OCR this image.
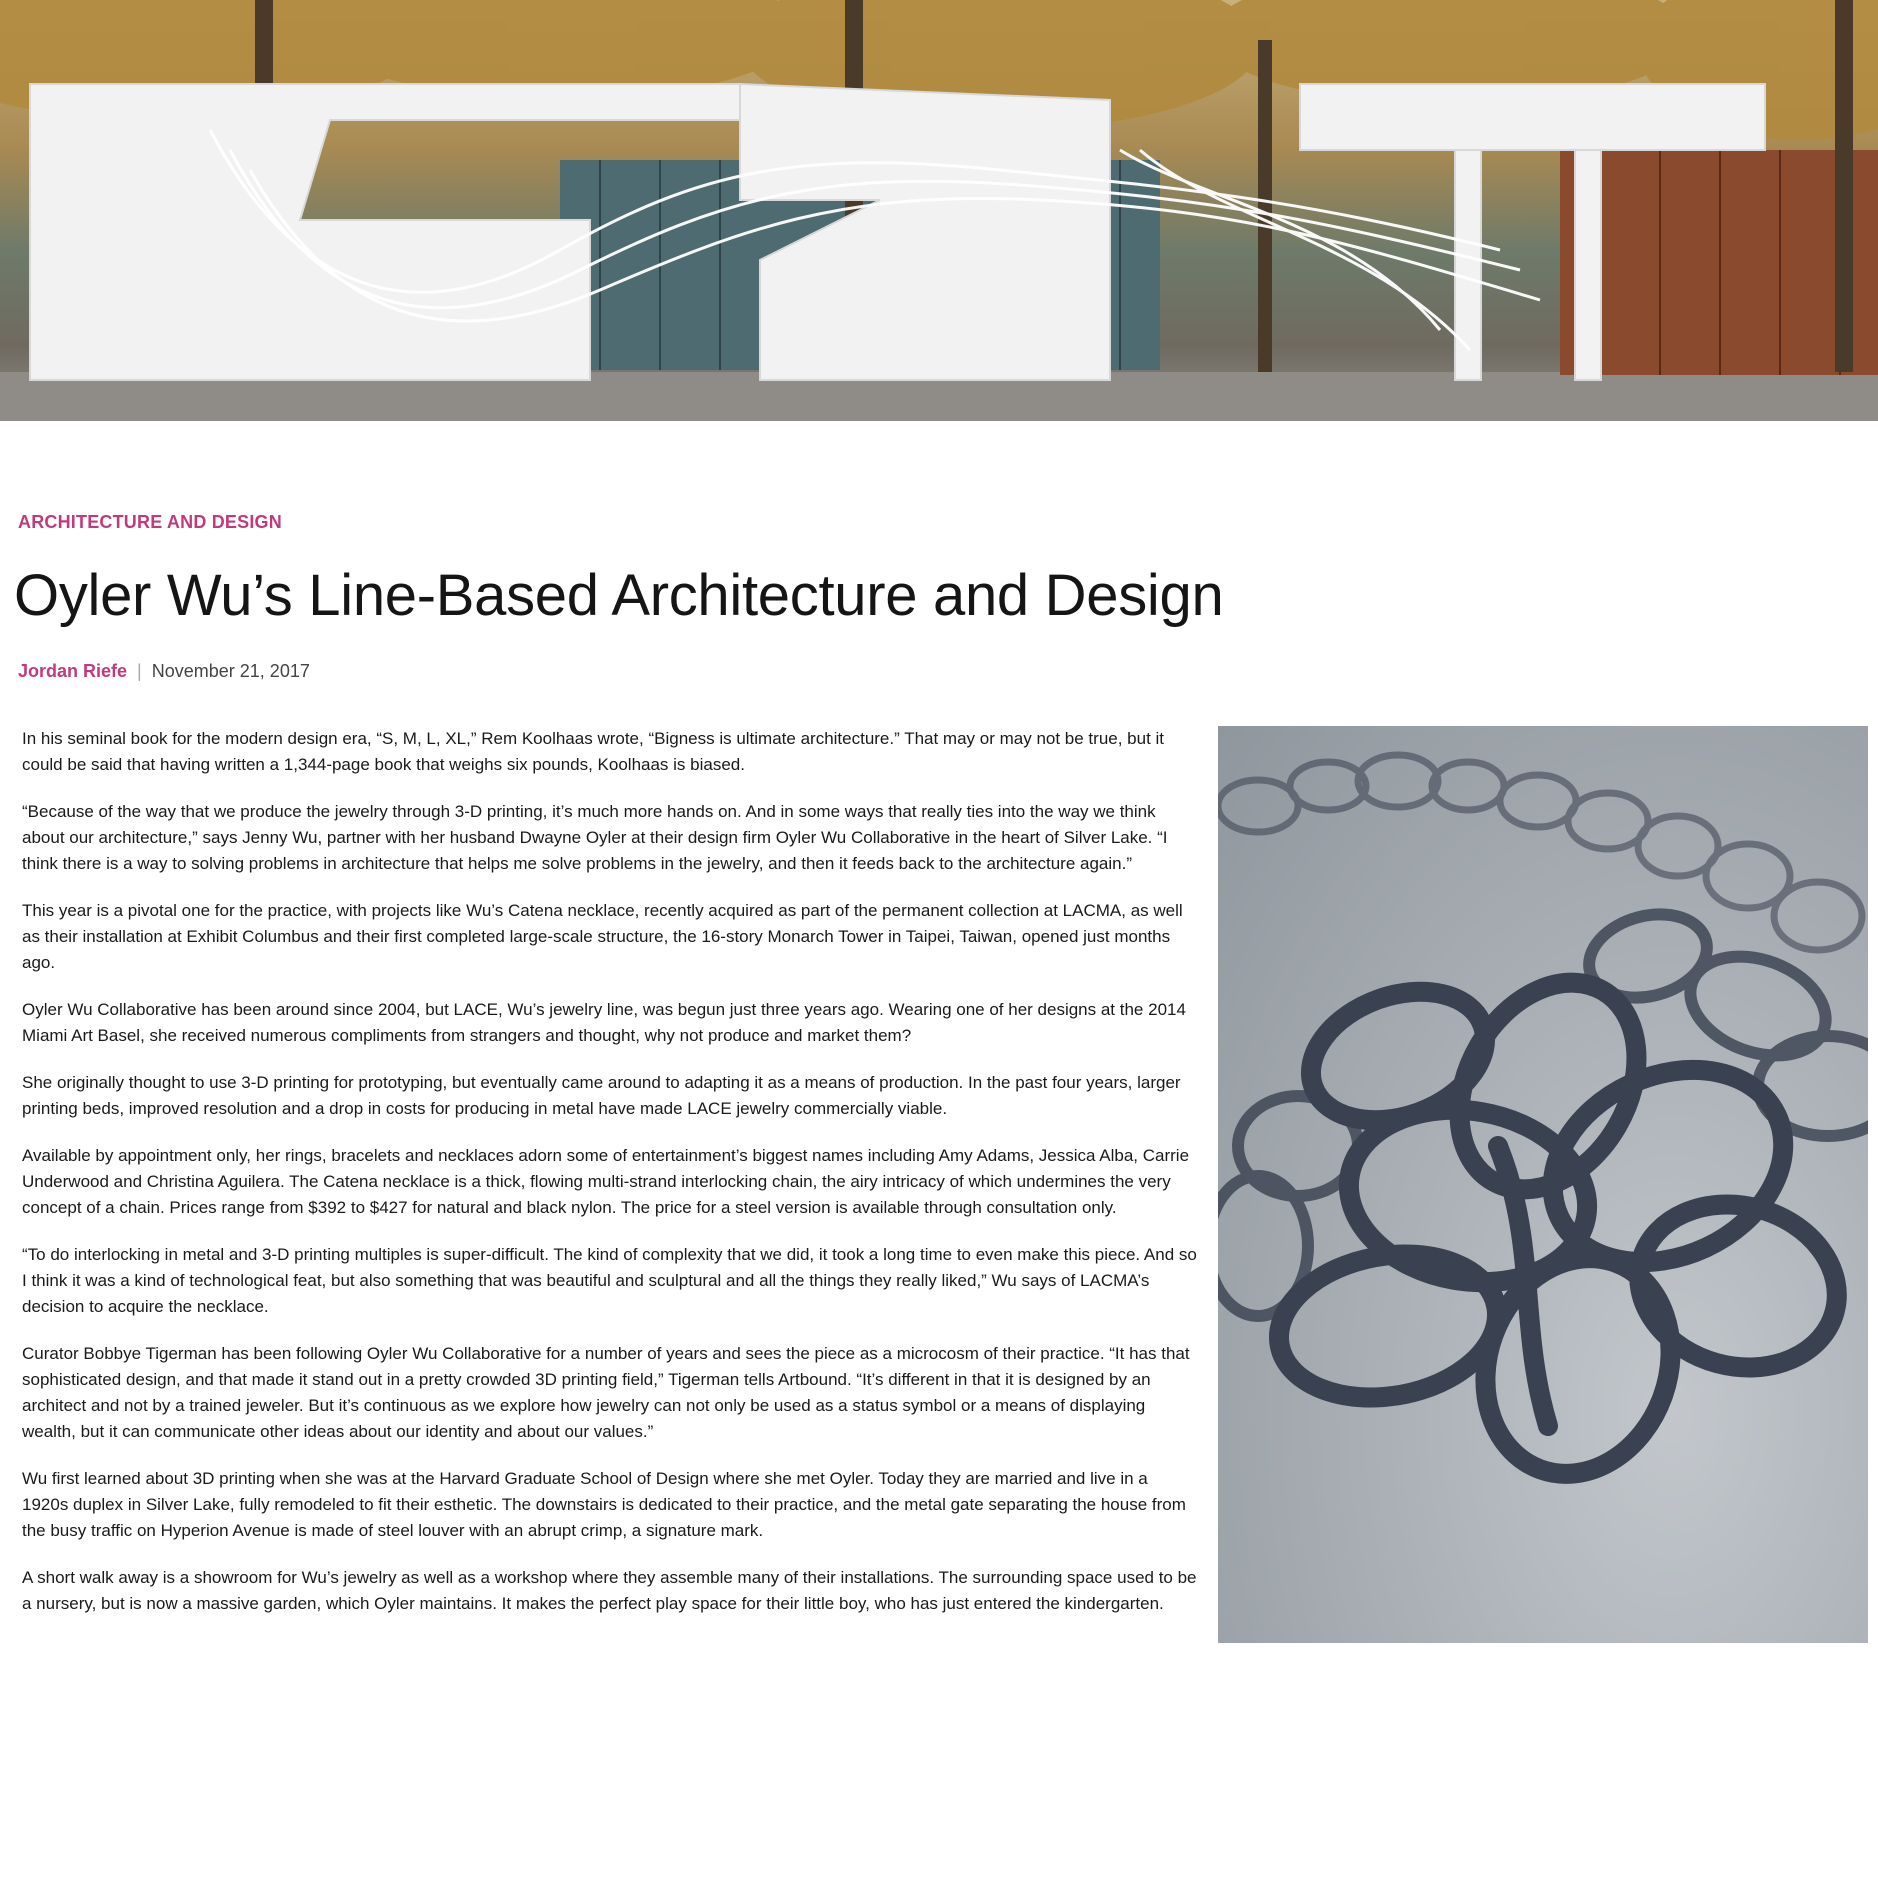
ARCHITECTURE AND DESIGN
Oyler Wu’s Line-Based Architecture and Design
Jordan Riefe | November 21, 2017

In his seminal book for the modern design era, “S, M, L, XL,” Rem Koolhaas wrote, “Bigness is ultimate architecture.” That may or may not be true, but it could be said that having written a 1,344-page book that weighs six pounds, Koolhaas is biased.

“Because of the way that we produce the jewelry through 3-D printing, it’s much more hands on. And in some ways that really ties into the way we think about our architecture,” says Jenny Wu, partner with her husband Dwayne Oyler at their design firm Oyler Wu Collaborative in the heart of Silver Lake. “I think there is a way to solving problems in architecture that helps me solve problems in the jewelry, and then it feeds back to the architecture again.”

This year is a pivotal one for the practice, with projects like Wu’s Catena necklace, recently acquired as part of the permanent collection at LACMA, as well as their installation at Exhibit Columbus and their first completed large-scale structure, the 16-story Monarch Tower in Taipei, Taiwan, opened just months ago.

Oyler Wu Collaborative has been around since 2004, but LACE, Wu’s jewelry line, was begun just three years ago. Wearing one of her designs at the 2014 Miami Art Basel, she received numerous compliments from strangers and thought, why not produce and market them?

She originally thought to use 3-D printing for prototyping, but eventually came around to adapting it as a means of production. In the past four years, larger printing beds, improved resolution and a drop in costs for producing in metal have made LACE jewelry commercially viable.

Available by appointment only, her rings, bracelets and necklaces adorn some of entertainment’s biggest names including Amy Adams, Jessica Alba, Carrie Underwood and Christina Aguilera. The Catena necklace is a thick, flowing multi-strand interlocking chain, the airy intricacy of which undermines the very concept of a chain. Prices range from $392 to $427 for natural and black nylon. The price for a steel version is available through consultation only.

“To do interlocking in metal and 3-D printing multiples is super-difficult. The kind of complexity that we did, it took a long time to even make this piece. And so I think it was a kind of technological feat, but also something that was beautiful and sculptural and all the things they really liked,” Wu says of LACMA’s decision to acquire the necklace.

Curator Bobbye Tigerman has been following Oyler Wu Collaborative for a number of years and sees the piece as a microcosm of their practice. “It has that sophisticated design, and that made it stand out in a pretty crowded 3D printing field,” Tigerman tells Artbound. “It’s different in that it is designed by an architect and not by a trained jeweler. But it’s continuous as we explore how jewelry can not only be used as a status symbol or a means of displaying wealth, but it can communicate other ideas about our identity and about our values.”

Wu first learned about 3D printing when she was at the Harvard Graduate School of Design where she met Oyler. Today they are married and live in a 1920s duplex in Silver Lake, fully remodeled to fit their esthetic. The downstairs is dedicated to their practice, and the metal gate separating the house from the busy traffic on Hyperion Avenue is made of steel louver with an abrupt crimp, a signature mark.

A short walk away is a showroom for Wu’s jewelry as well as a workshop where they assemble many of their installations. The surrounding space used to be a nursery, but is now a massive garden, which Oyler maintains. It makes the perfect play space for their little boy, who has just entered the kindergarten.
